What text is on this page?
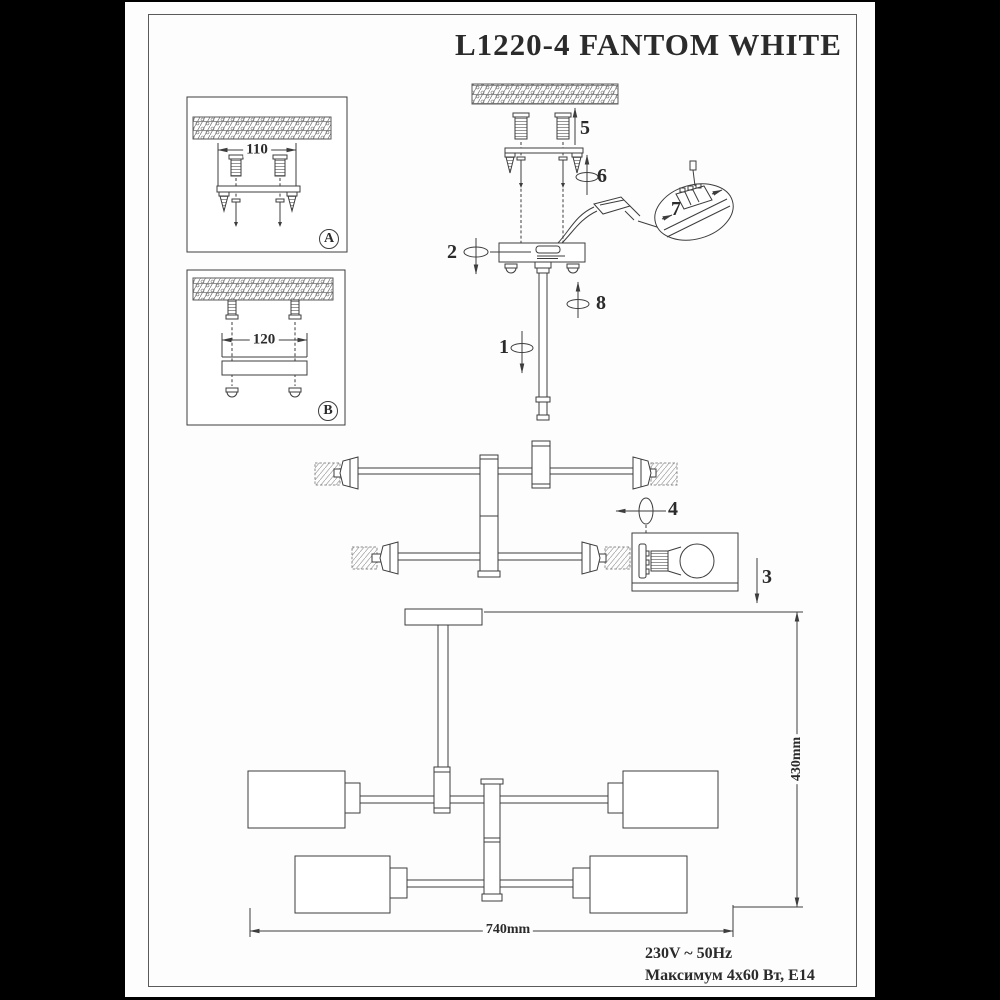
L1220-4 FANTOM WHITE
110
A
120
B
5
6
7
2
8
1
4
3
740mm
430mm
230V ~ 50Hz
Максимум 4x60 Вт, E14
